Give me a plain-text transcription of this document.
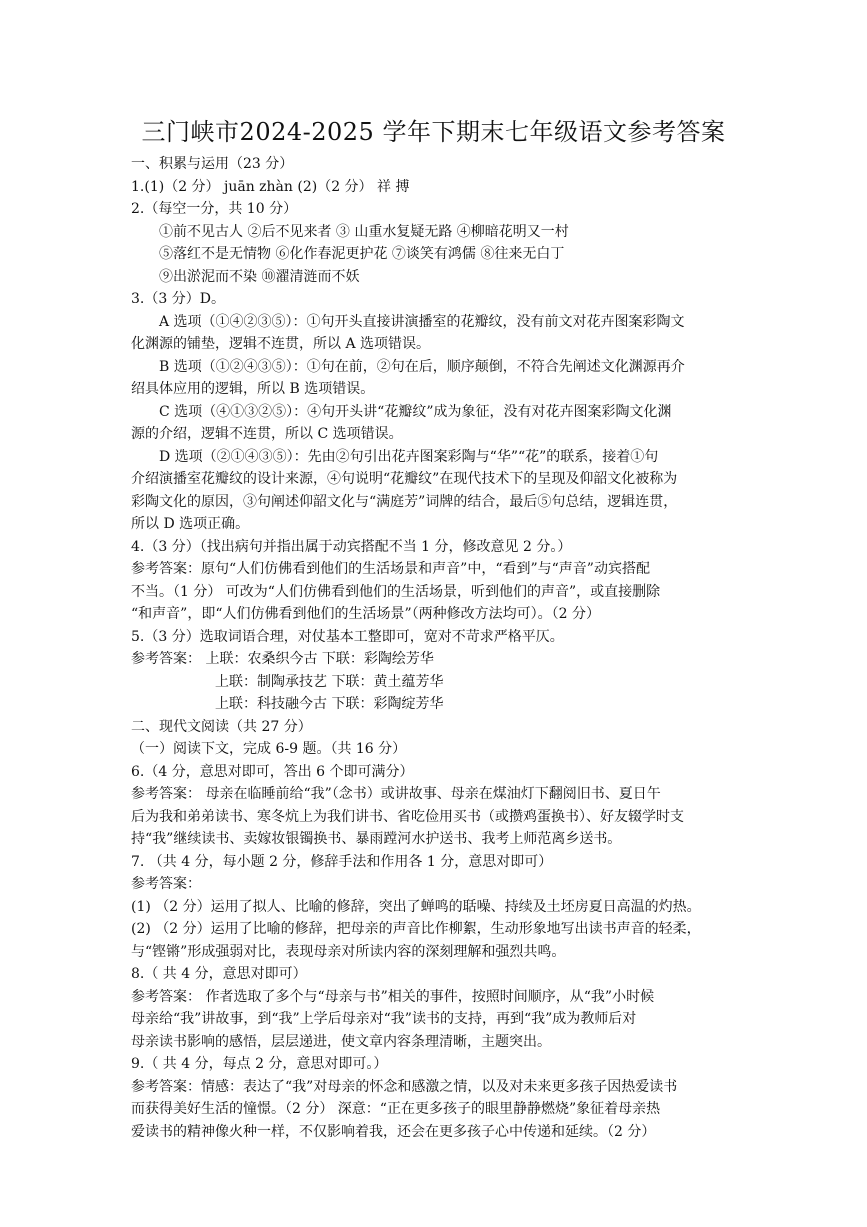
三门峡市2024-2025 学年下期末七年级语文参考答案
一、积累与运用（23 分）
1.(1)（2 分） juān zhàn (2)（2 分） 祥 搏
2.（每空一分，共 10 分）
①前不见古人 ②后不见来者 ③ 山重水复疑无路 ④柳暗花明又一村
⑤落红不是无情物 ⑥化作春泥更护花 ⑦谈笑有鸿儒 ⑧往来无白丁
⑨出淤泥而不染 ⑩濯清涟而不妖
3.（3 分）D。
A 选项（①④②③⑤）：①句开头直接讲演播室的花瓣纹，没有前文对花卉图案彩陶文
化渊源的铺垫，逻辑不连贯，所以 A 选项错误。
B 选项（①②④③⑤）：①句在前，②句在后，顺序颠倒，不符合先阐述文化渊源再介
绍具体应用的逻辑，所以 B 选项错误。
C 选项（④①③②⑤）：④句开头讲“花瓣纹”成为象征，没有对花卉图案彩陶文化渊
源的介绍，逻辑不连贯，所以 C 选项错误。
D 选项（②①④③⑤）：先由②句引出花卉图案彩陶与“华”“花”的联系，接着①句
介绍演播室花瓣纹的设计来源，④句说明“花瓣纹”在现代技术下的呈现及仰韶文化被称为
彩陶文化的原因，③句阐述仰韶文化与“满庭芳”词牌的结合，最后⑤句总结，逻辑连贯，
所以 D 选项正确。
4.（3 分）（找出病句并指出属于动宾搭配不当 1 分，修改意见 2 分。）
参考答案：原句“人们仿佛看到他们的生活场景和声音”中，“看到”与“声音”动宾搭配
不当。（1 分） 可改为“人们仿佛看到他们的生活场景，听到他们的声音”，或直接删除
“和声音”，即“人们仿佛看到他们的生活场景”（两种修改方法均可）。（2 分）
5.（3 分）选取词语合理，对仗基本工整即可，宽对不苛求严格平仄。
参考答案： 上联：农桑织今古 下联：彩陶绘芳华
上联：制陶承技艺 下联：黄土蕴芳华
上联：科技融今古 下联：彩陶绽芳华
二、现代文阅读（共 27 分）
（一）阅读下文，完成 6-9 题。（共 16 分）
6.（4 分，意思对即可，答出 6 个即可满分）
参考答案： 母亲在临睡前给“我”（念书）或讲故事、母亲在煤油灯下翻阅旧书、夏日午
后为我和弟弟读书、寒冬炕上为我们讲书、省吃俭用买书（或攒鸡蛋换书）、好友辍学时支
持“我”继续读书、卖嫁妆银镯换书、暴雨蹚河水护送书、我考上师范离乡送书。
7. （共 4 分，每小题 2 分，修辞手法和作用各 1 分，意思对即可）
参考答案：
(1) （2 分）运用了拟人、比喻的修辞，突出了蝉鸣的聒噪、持续及土坯房夏日高温的灼热。
(2) （2 分）运用了比喻的修辞，把母亲的声音比作柳絮，生动形象地写出读书声音的轻柔，
与“铿锵”形成强弱对比，表现母亲对所读内容的深刻理解和强烈共鸣。
8.（ 共 4 分，意思对即可）
参考答案： 作者选取了多个与“母亲与书”相关的事件，按照时间顺序，从“我”小时候
母亲给“我”讲故事，到“我”上学后母亲对“我”读书的支持，再到“我”成为教师后对
母亲读书影响的感悟，层层递进，使文章内容条理清晰，主题突出。
9.（ 共 4 分，每点 2 分，意思对即可。）
参考答案：情感：表达了“我”对母亲的怀念和感激之情，以及对未来更多孩子因热爱读书
而获得美好生活的憧憬。（2 分） 深意：“正在更多孩子的眼里静静燃烧”象征着母亲热
爱读书的精神像火种一样，不仅影响着我，还会在更多孩子心中传递和延续。（2 分）
